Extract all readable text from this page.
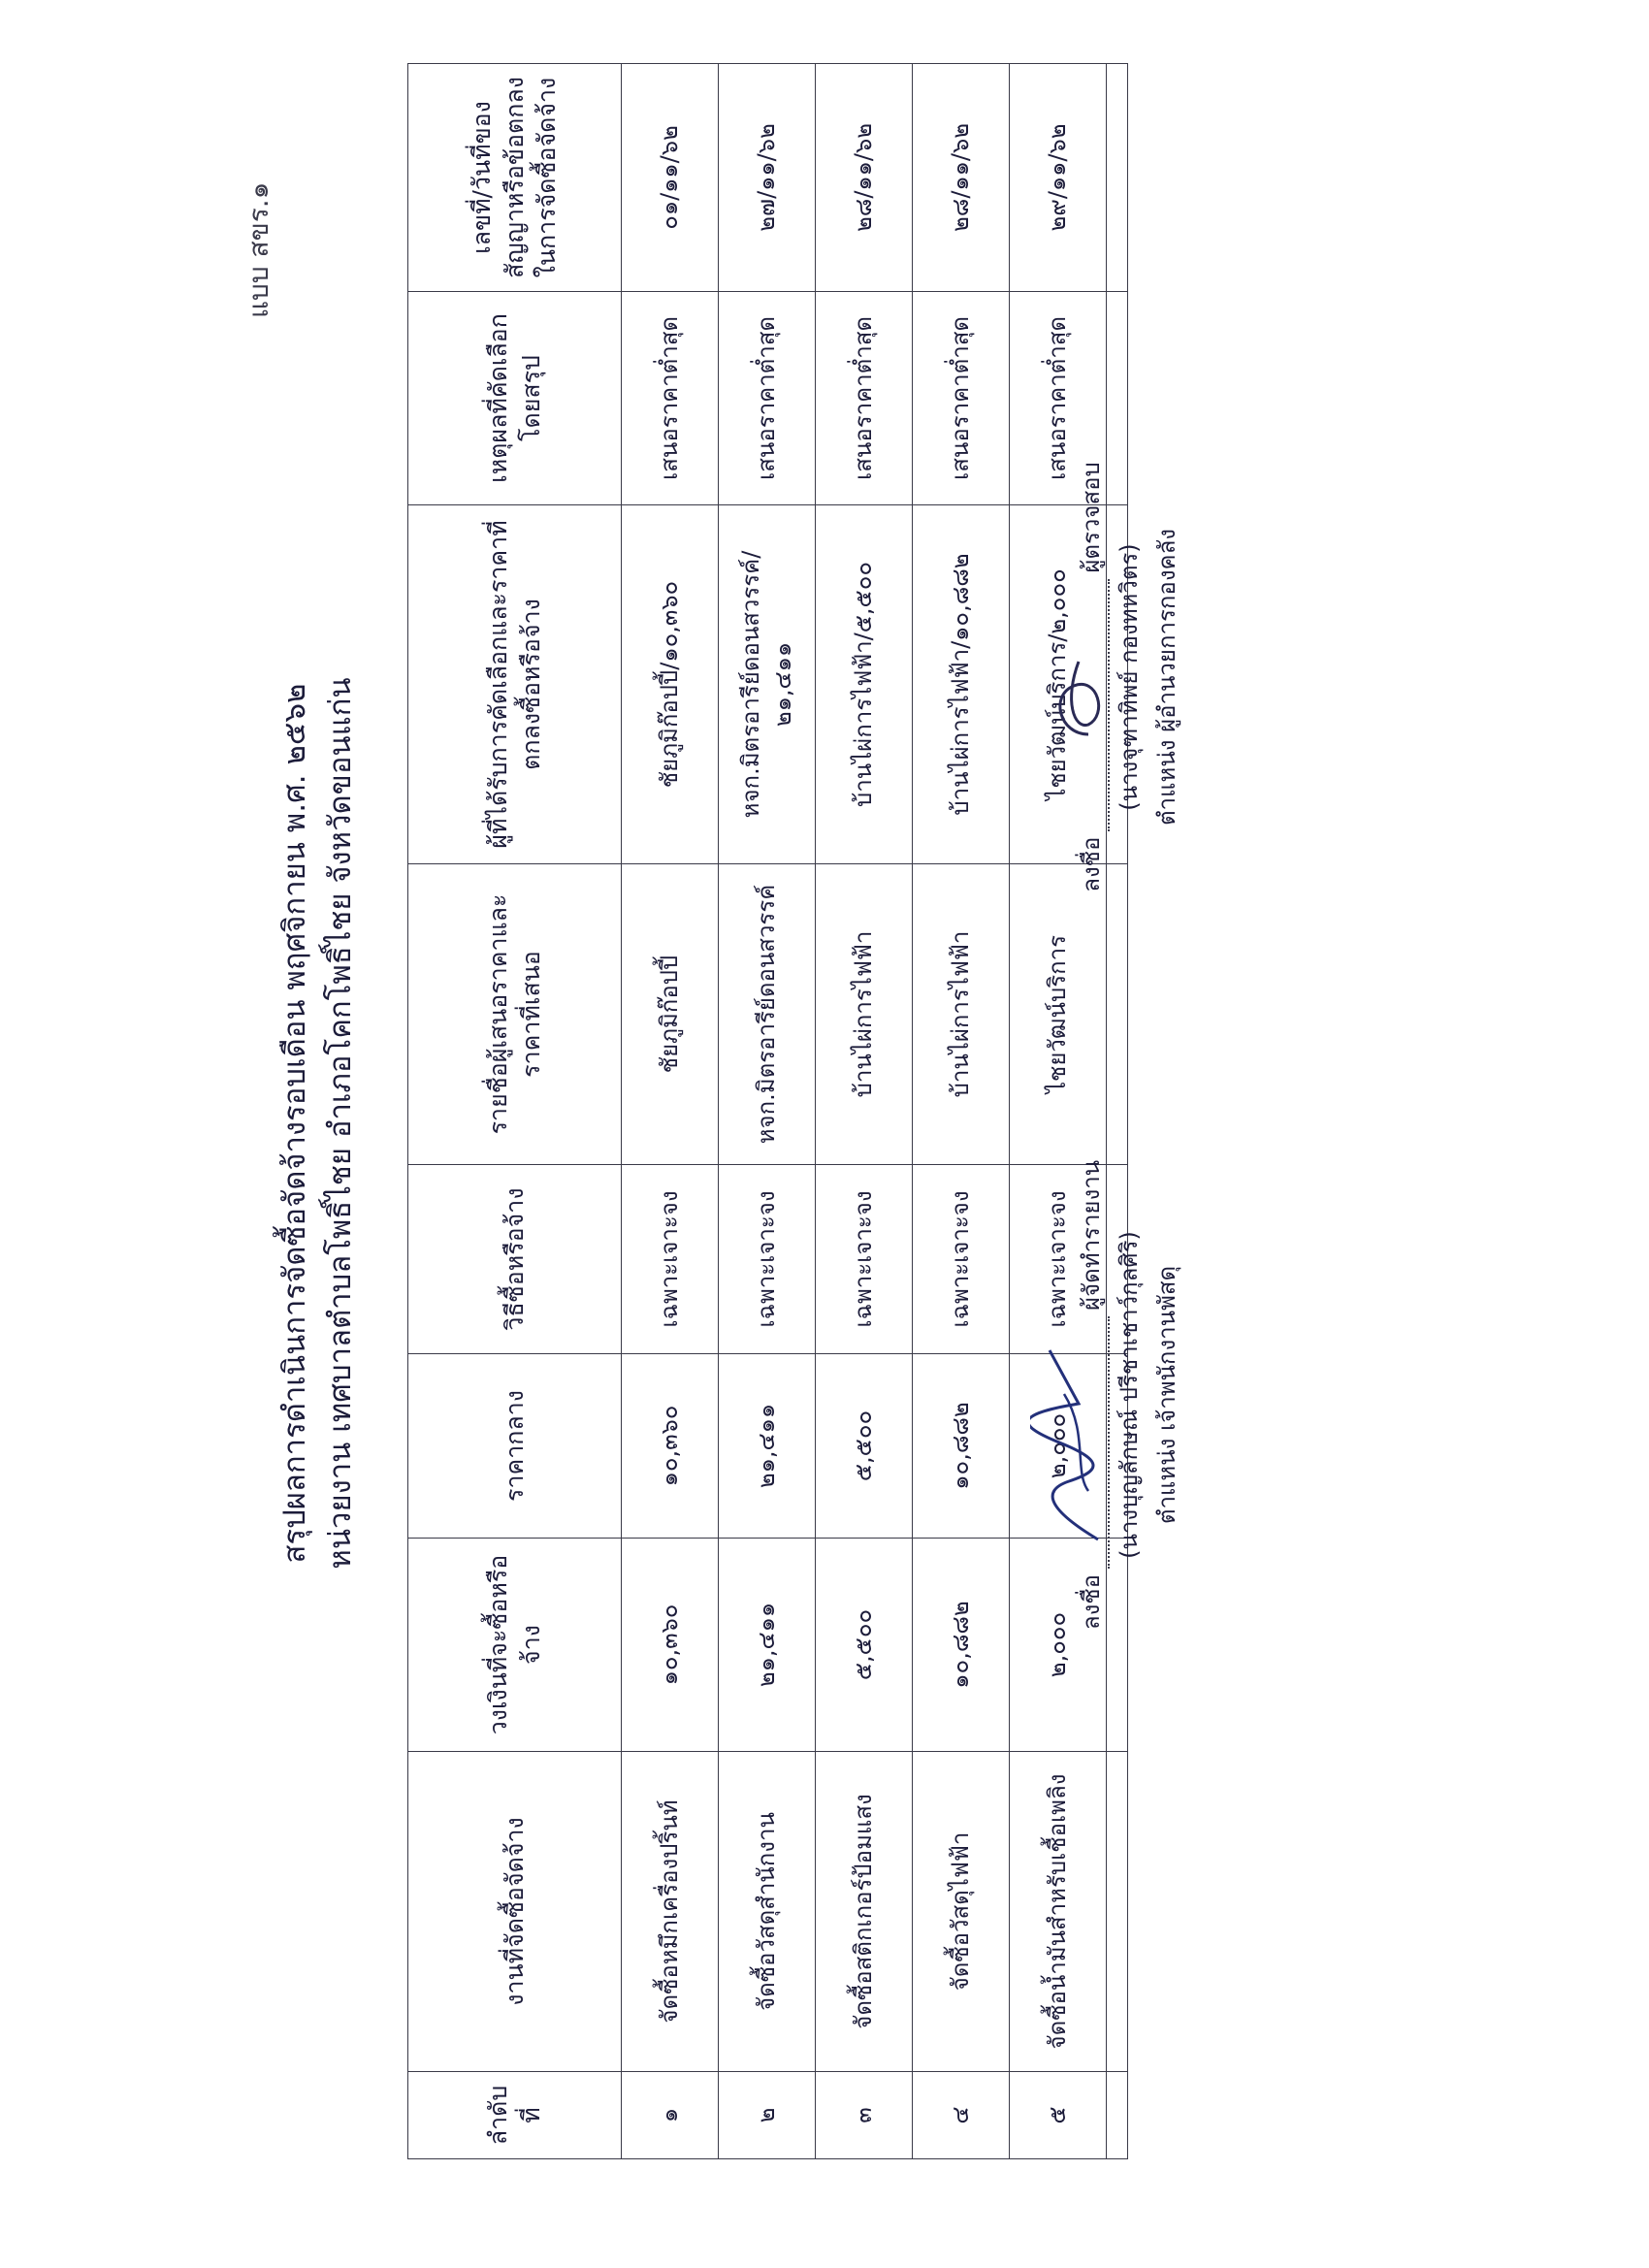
แบบ สขร.๑
สรุปผลการดำเนินการจัดซื้อจัดจ้างรอบเดือน พฤศจิกายน พ.ศ. ๒๕๖๒ หน่วยงาน เทศบาลตำบลโพธิ์ไชย อำเภอโคกโพธิ์ไชย จังหวัดขอนแก่น
ลำดับที่	งานที่จัดซื้อจัดจ้าง	วงเงินที่จะซื้อหรือจ้าง	ราคากลาง	วิธีซื้อหรือจ้าง	รายชื่อผู้เสนอราคาและราคาที่เสนอ	ผู้ที่ได้รับการคัดเลือกและราคาที่ตกลงซื้อหรือจ้าง	เหตุผลที่คัดเลือกโดยสรุป	เลขที่/วันที่ของสัญญาหรือข้อตกลงในการจัดซื้อจัดจ้าง
๑	จัดซื้อหมึกเครื่องปริ้นท์	๑๐,๓๖๐	๑๐,๓๖๐	เฉพาะเจาะจง	ชัยภูมิก๊อปปี้	ชัยภูมิก๊อปปี้/๑๐,๓๖๐	เสนอราคาต่ำสุด	๐๑/๑๑/๖๒
๒	จัดซื้อวัสดุสำนักงาน	๒๑,๔๑๑	๒๑,๔๑๑	เฉพาะเจาะจง	หจก.มิตรอารีย์ดอนสวรรค์	หจก.มิตรอารีย์ดอนสวรรค์/๒๑,๔๑๑	เสนอราคาต่ำสุด	๒๗/๑๑/๖๒
๓	จัดซื้อสติกเกอร์ป้อมแสง	๕,๕๐๐	๕,๕๐๐	เฉพาะเจาะจง	บ้านไผ่การไฟฟ้า	บ้านไผ่การไฟฟ้า/๕,๕๐๐	เสนอราคาต่ำสุด	๒๘/๑๑/๖๒
๔	จัดซื้อวัสดุไฟฟ้า	๑๐,๘๘๒	๑๐,๘๘๒	เฉพาะเจาะจง	บ้านไผ่การไฟฟ้า	บ้านไผ่การไฟฟ้า/๑๐,๘๘๒	เสนอราคาต่ำสุด	๒๘/๑๑/๖๒
๕	จัดซื้อน้ำมันสำหรับเชื้อเพลิง	๒,๐๐๐	๒,๐๐๐	เฉพาะเจาะจง	ไชยวัฒน์บริการ	ไชยวัฒน์บริการ/๒,๐๐๐	เสนอราคาต่ำสุด	๒๙/๑๑/๖๒

ลงชื่อ
ผู้จัดทำรายงาน (นางบุญลักษณ์ ปรีชาเชาว์กุลศิริ) ตำแหน่ง เจ้าพนักงานพัสดุ
ลงชื่อ
ผู้ตรวจสอบ
(นางจุฑาทิพย์ กองทหวิตร) ตำแหน่ง ผู้อำนวยการกองคลัง
